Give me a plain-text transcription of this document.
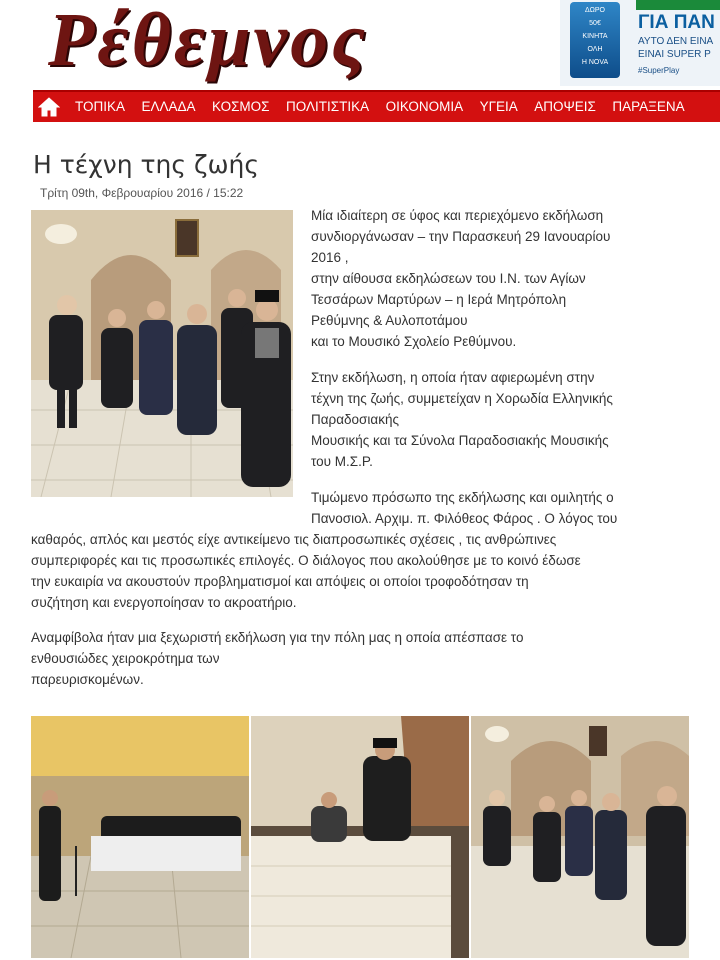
Ρέθεμνος	ΔΩΡΟ
50€
ΚΙΝΗΤΑ
ΟΛΗ
Η NOVA
ΓΙΑ ΠΑΝ
ΑΥΤΟ ΔΕΝ ΕΙΝΑ
ΕΙΝΑΙ SUPER P
#SuperPlay
ΤΟΠΙΚΑ ΕΛΛΑΔΑ ΚΟΣΜΟΣ ΠΟΛΙΤΙΣΤΙΚΑ ΟΙΚΟΝΟΜΙΑ ΥΓΕΙΑ ΑΠΟΨΕΙΣ ΠΑΡΑΞΕΝΑ
Η τέχνη της ζωής
Τρίτη 09th, Φεβρουαρίου 2016 / 15:22
Μία ιδιαίτερη σε ύφος και περιεχόμενο εκδήλωση
συνδιοργάνωσαν – την Παρασκευή 29 Ιανουαρίου
2016 ,
στην αίθουσα εκδηλώσεων του Ι.Ν. των Αγίων
Τεσσάρων Μαρτύρων – η Ιερά Μητρόπολη
Ρεθύμνης & Αυλοποτάμου
και το Μουσικό Σχολείο Ρεθύμνου.
Στην εκδήλωση, η οποία ήταν αφιερωμένη στην
τέχνη της ζωής, συμμετείχαν η Χορωδία Ελληνικής
Παραδοσιακής
Μουσικής και τα Σύνολα Παραδοσιακής Μουσικής
του Μ.Σ.Ρ.
Τιμώμενο πρόσωπο της εκδήλωσης και ομιλητής ο
Πανοσιολ. Αρχιμ. π. Φιλόθεος Φάρος . Ο λόγος του
καθαρός, απλός και μεστός είχε αντικείμενο τις διαπροσωπικές σχέσεις , τις ανθρώπινες
συμπεριφορές και τις προσωπικές επιλογές. Ο διάλογος που ακολούθησε με το κοινό έδωσε
την ευκαιρία να ακουστούν προβληματισμοί και απόψεις οι οποίοι τροφοδότησαν τη
συζήτηση και ενεργοποίησαν το ακροατήριο.
Αναμφίβολα ήταν μια ξεχωριστή εκδήλωση για την πόλη μας η οποία απέσπασε το
ενθουσιώδες χειροκρότημα των
παρευρισκομένων.
